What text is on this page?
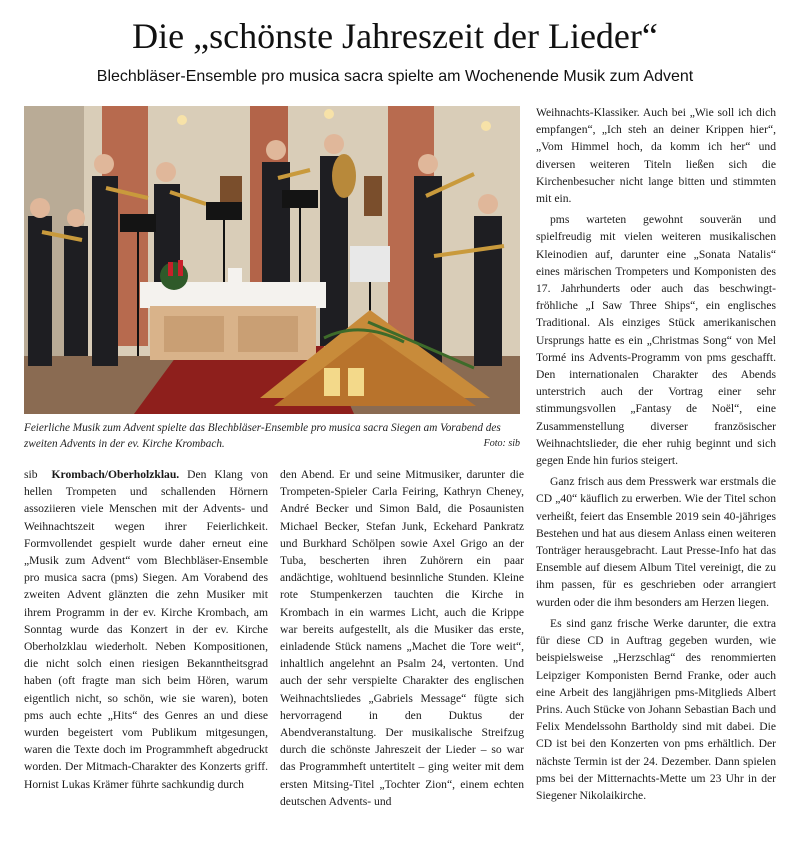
Die „schönste Jahreszeit der Lieder“
Blechbläser-Ensemble pro musica sacra spielte am Wochenende Musik zum Advent
Feierliche Musik zum Advent spielte das Blechbläser-Ensemble pro musica sacra Siegen am Vorabend des zweiten Advents in der ev. Kirche Krombach.	Foto: sib

sib Krombach/Oberholzklau. Den Klang von hellen Trompeten und schallenden Hörnern assoziieren viele Menschen mit der Advents- und Weihnachtszeit wegen ihrer Feierlichkeit. Formvollendet gespielt wurde daher erneut eine „Musik zum Advent“ vom Blechbläser-Ensemble pro musica sacra (pms) Siegen. Am Vorabend des zweiten Advent glänzten die zehn Musiker mit ihrem Programm in der ev. Kirche Krombach, am Sonntag wurde das Konzert in der ev. Kirche Oberholzklau wiederholt. Neben Kompositionen, die nicht solch einen riesigen Bekanntheitsgrad haben (oft fragte man sich beim Hören, warum eigentlich nicht, so schön, wie sie waren), boten pms auch echte „Hits“ des Genres an und diese wurden begeistert vom Publikum mitgesungen, waren die Texte doch im Programmheft abgedruckt worden. Der Mitmach-Charakter des Konzerts griff. Hornist Lukas Krämer führte sachkundig durch

den Abend. Er und seine Mitmusiker, darunter die Trompeten-Spieler Carla Feiring, Kathryn Cheney, André Becker und Simon Bald, die Posaunisten Michael Becker, Stefan Junk, Eckehard Pankratz und Burkhard Schölpen sowie Axel Grigo an der Tuba, bescherten ihren Zuhörern ein paar andächtige, wohltuend besinnliche Stunden. Kleine rote Stumpenkerzen tauchten die Kirche in Krombach in ein warmes Licht, auch die Krippe war bereits aufgestellt, als die Musiker das erste, einladende Stück namens „Machet die Tore weit“, inhaltlich angelehnt an Psalm 24, vertonten. Und auch der sehr verspielte Charakter des englischen Weihnachtsliedes „Gabriels Message“ fügte sich hervorragend in den Duktus der Abendveranstaltung. Der musikalische Streifzug durch die schönste Jahreszeit der Lieder – so war das Programmheft untertitelt – ging weiter mit dem ersten Mitsing-Titel „Tochter Zion“, einem echten deutschen Advents- und

Weihnachts-Klassiker. Auch bei „Wie soll ich dich empfangen“, „Ich steh an deiner Krippen hier“, „Vom Himmel hoch, da komm ich her“ und diversen weiteren Titeln ließen sich die Kirchenbesucher nicht lange bitten und stimmten mit ein.

pms warteten gewohnt souverän und spielfreudig mit vielen weiteren musikalischen Kleinodien auf, darunter eine „Sonata Natalis“ eines märischen Trompeters und Komponisten des 17. Jahrhunderts oder auch das beschwingt-fröhliche „I Saw Three Ships“, ein englisches Traditional. Als einziges Stück amerikanischen Ursprungs hatte es ein „Christmas Song“ von Mel Tormé ins Advents-Programm von pms geschafft. Den internationalen Charakter des Abends unterstrich auch der Vortrag einer sehr stimmungsvollen „Fantasy de Noël“, eine Zusammenstellung diverser französischer Weihnachtslieder, die eher ruhig beginnt und sich gegen Ende hin furios steigert.

Ganz frisch aus dem Presswerk war erstmals die CD „40“ käuflich zu erwerben. Wie der Titel schon verheißt, feiert das Ensemble 2019 sein 40-jähriges Bestehen und hat aus diesem Anlass einen weiteren Tonträger herausgebracht. Laut Presse-Info hat das Ensemble auf diesem Album Titel vereinigt, die zu ihm passen, für es geschrieben oder arrangiert wurden oder die ihm besonders am Herzen liegen.

Es sind ganz frische Werke darunter, die extra für diese CD in Auftrag gegeben wurden, wie beispielsweise „Herzschlag“ des renommierten Leipziger Komponisten Bernd Franke, oder auch eine Arbeit des langjährigen pms-Mitglieds Albert Prins. Auch Stücke von Johann Sebastian Bach und Felix Mendelssohn Bartholdy sind mit dabei. Die CD ist bei den Konzerten von pms erhältlich. Der nächste Termin ist der 24. Dezember. Dann spielen pms bei der Mitternachts-Mette um 23 Uhr in der Siegener Nikolaikirche.
